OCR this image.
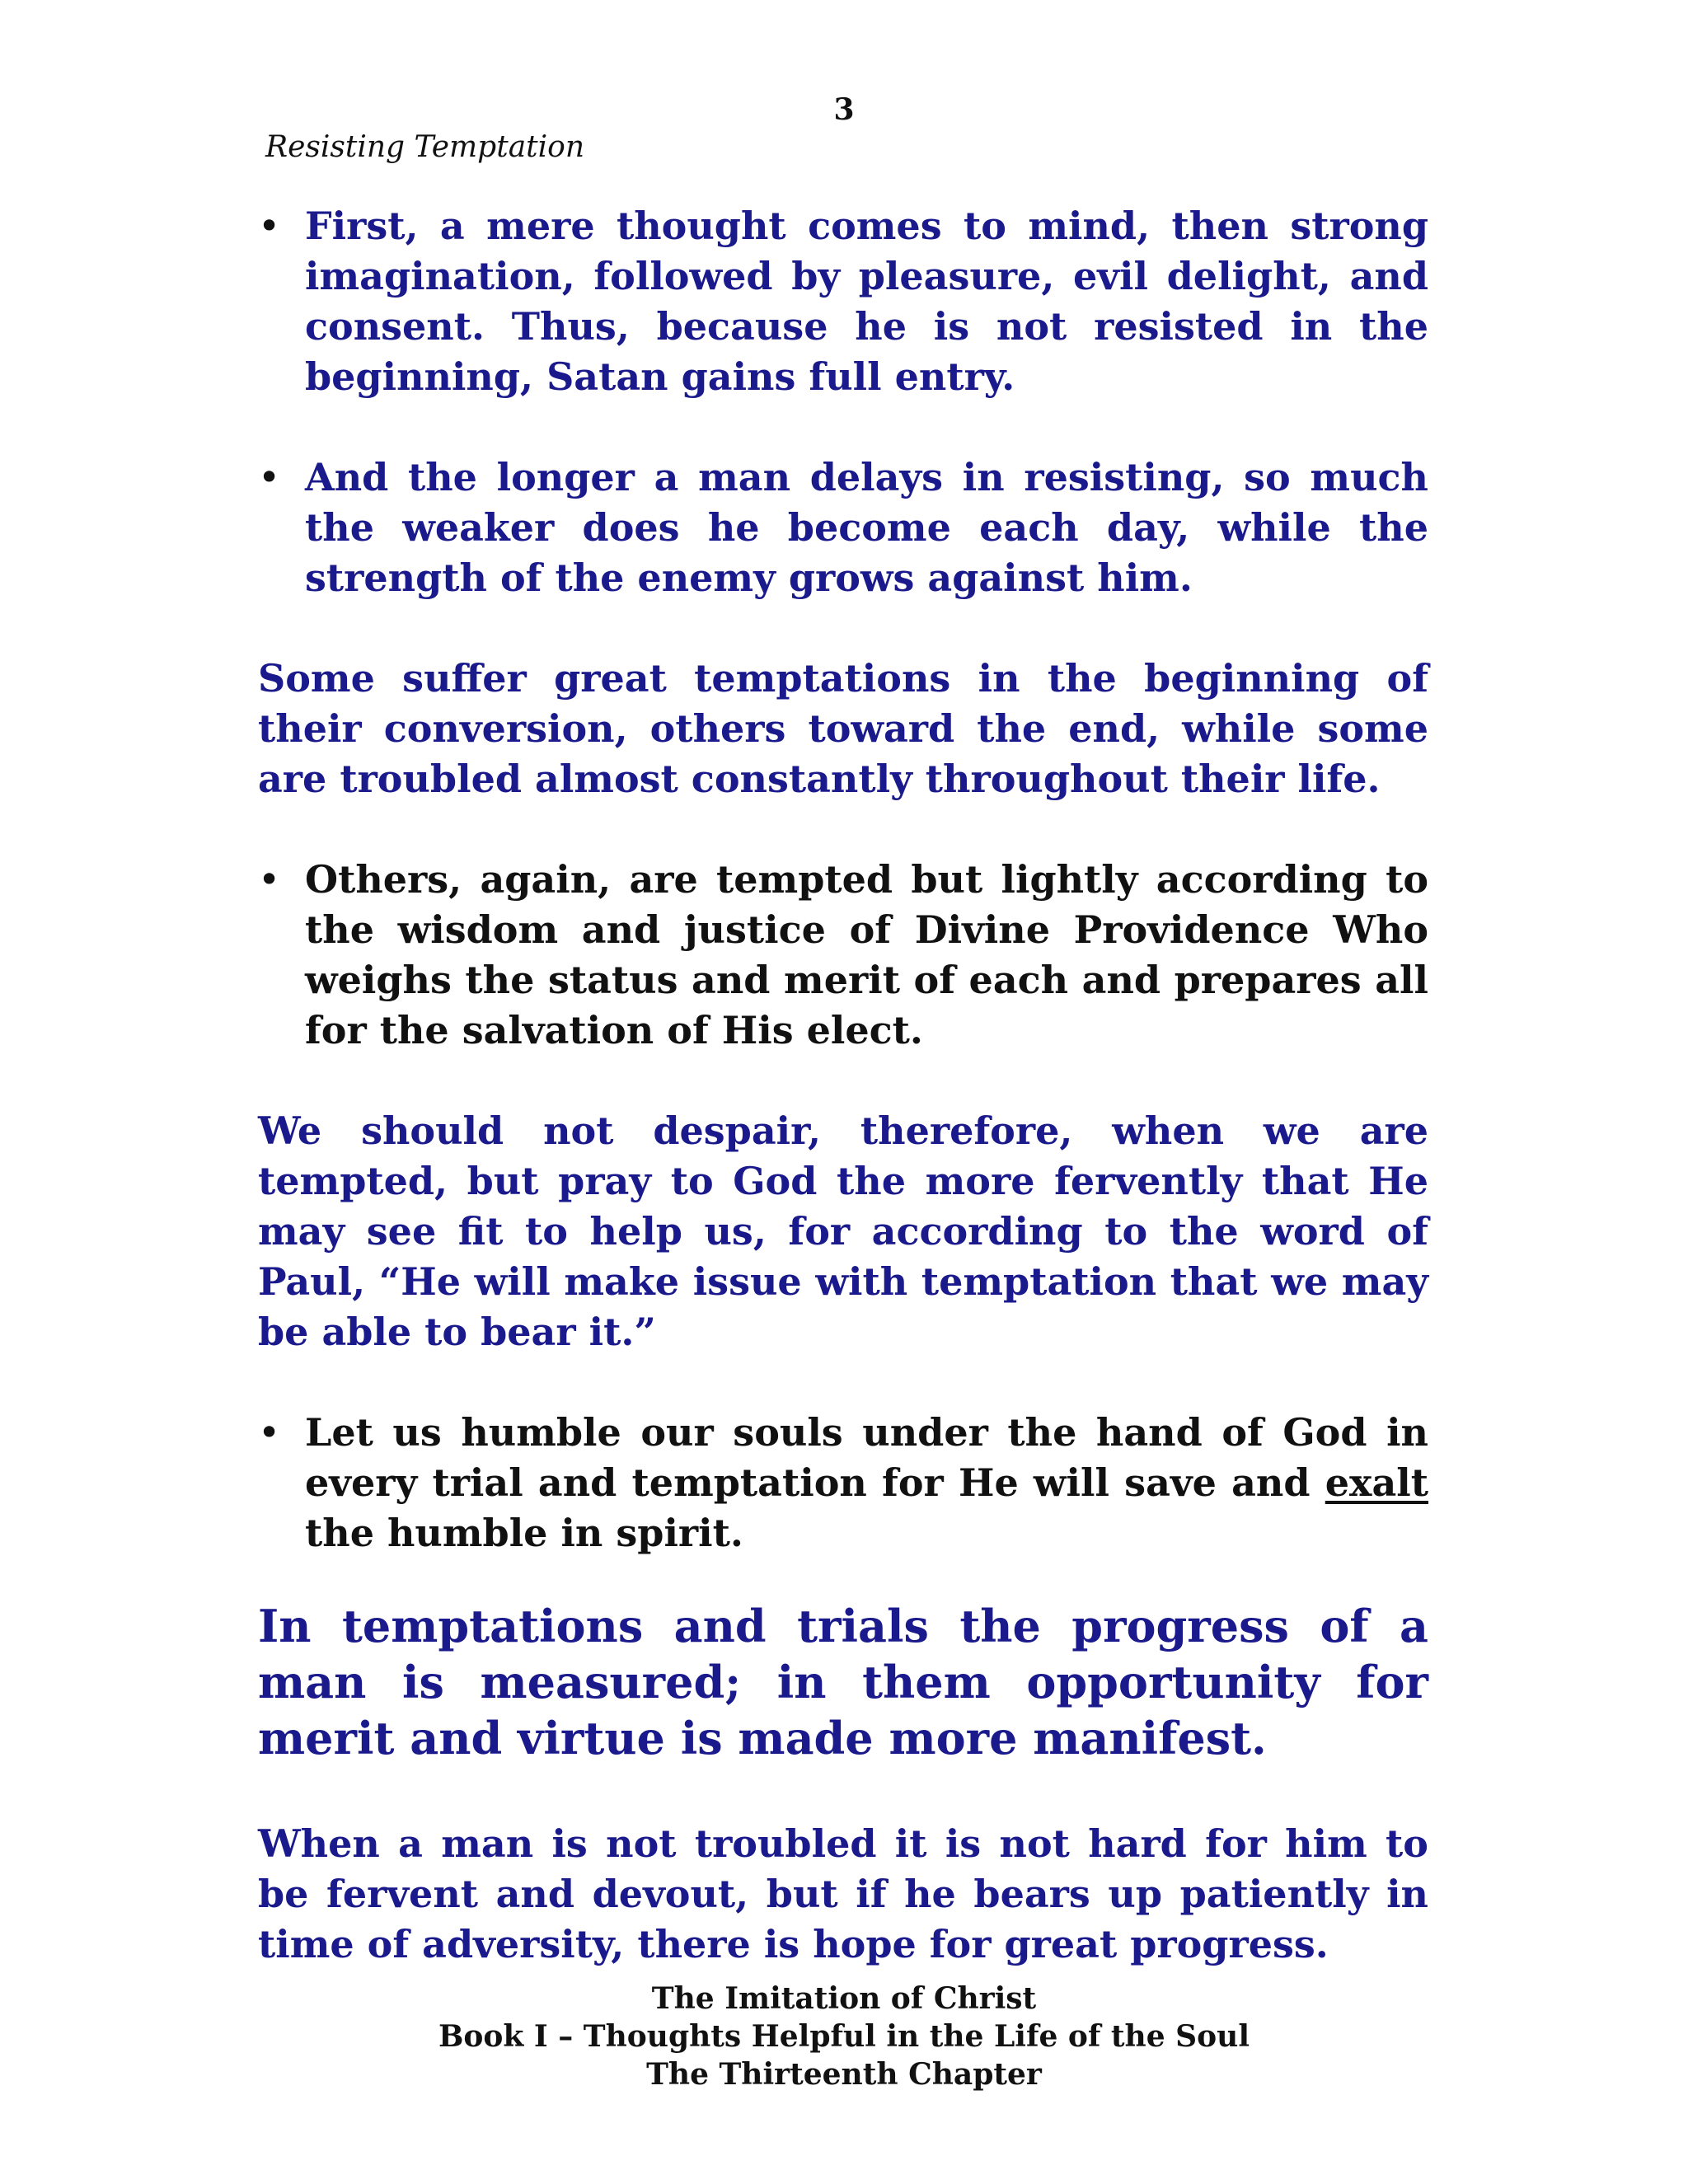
3
Resisting Temptation
• First, a mere thought comes to mind, then strong imagination, followed by pleasure, evil delight, and consent. Thus, because he is not resisted in the beginning, Satan gains full entry.

• And the longer a man delays in resisting, so much the weaker does he become each day, while the strength of the enemy grows against him.

Some suffer great temptations in the beginning of their conversion, others toward the end, while some are troubled almost constantly throughout their life.

• Others, again, are tempted but lightly according to the wisdom and justice of Divine Providence Who weighs the status and merit of each and prepares all for the salvation of His elect.

We should not despair, therefore, when we are tempted, but pray to God the more fervently that He may see fit to help us, for according to the word of Paul, “He will make issue with temptation that we may be able to bear it.”

• Let us humble our souls under the hand of God in every trial and temptation for He will save and exalt the humble in spirit.

In temptations and trials the progress of a man is measured; in them opportunity for merit and virtue is made more manifest.

When a man is not troubled it is not hard for him to be fervent and devout, but if he bears up patiently in time of adversity, there is hope for great progress.

The Imitation of Christ
Book I – Thoughts Helpful in the Life of the Soul
The Thirteenth Chapter
